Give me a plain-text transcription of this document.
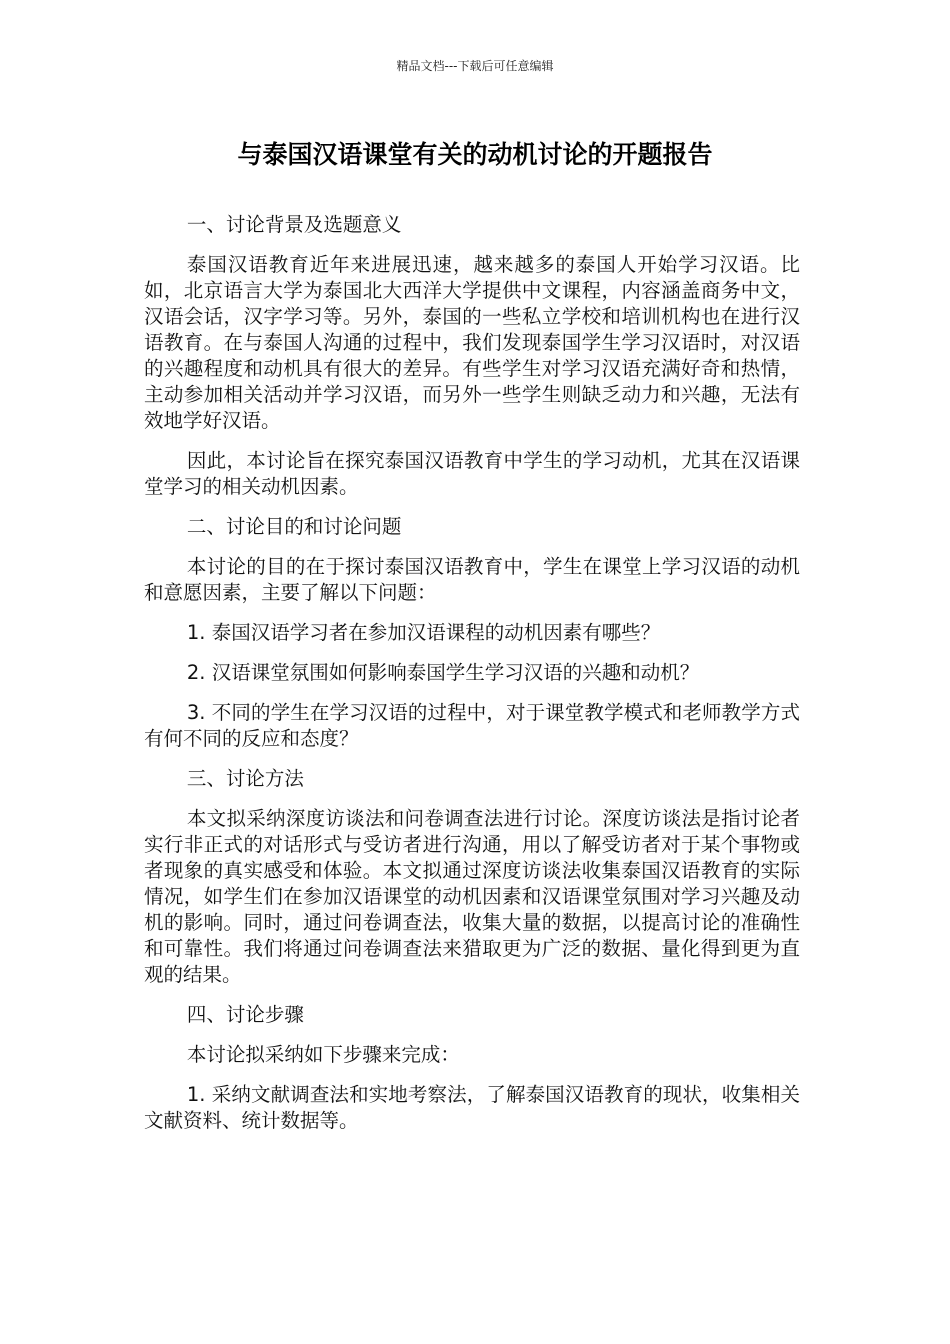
精品文档---下载后可任意编辑
与泰国汉语课堂有关的动机讨论的开题报告

一、讨论背景及选题意义

泰国汉语教育近年来进展迅速，越来越多的泰国人开始学习汉语。比如，北京语言大学为泰国北大西洋大学提供中文课程，内容涵盖商务中文，汉语会话，汉字学习等。另外，泰国的一些私立学校和培训机构也在进行汉语教育。在与泰国人沟通的过程中，我们发现泰国学生学习汉语时，对汉语的兴趣程度和动机具有很大的差异。有些学生对学习汉语充满好奇和热情，主动参加相关活动并学习汉语，而另外一些学生则缺乏动力和兴趣，无法有效地学好汉语。

因此，本讨论旨在探究泰国汉语教育中学生的学习动机，尤其在汉语课堂学习的相关动机因素。

二、讨论目的和讨论问题

本讨论的目的在于探讨泰国汉语教育中，学生在课堂上学习汉语的动机和意愿因素，主要了解以下问题：

1. 泰国汉语学习者在参加汉语课程的动机因素有哪些？

2. 汉语课堂氛围如何影响泰国学生学习汉语的兴趣和动机？

3. 不同的学生在学习汉语的过程中，对于课堂教学模式和老师教学方式有何不同的反应和态度？

三、讨论方法

本文拟采纳深度访谈法和问卷调查法进行讨论。深度访谈法是指讨论者实行非正式的对话形式与受访者进行沟通，用以了解受访者对于某个事物或者现象的真实感受和体验。本文拟通过深度访谈法收集泰国汉语教育的实际情况，如学生们在参加汉语课堂的动机因素和汉语课堂氛围对学习兴趣及动机的影响。同时，通过问卷调查法，收集大量的数据，以提高讨论的准确性和可靠性。我们将通过问卷调查法来猎取更为广泛的数据、量化得到更为直观的结果。

四、讨论步骤

本讨论拟采纳如下步骤来完成：

1. 采纳文献调查法和实地考察法，了解泰国汉语教育的现状，收集相关文献资料、统计数据等。
